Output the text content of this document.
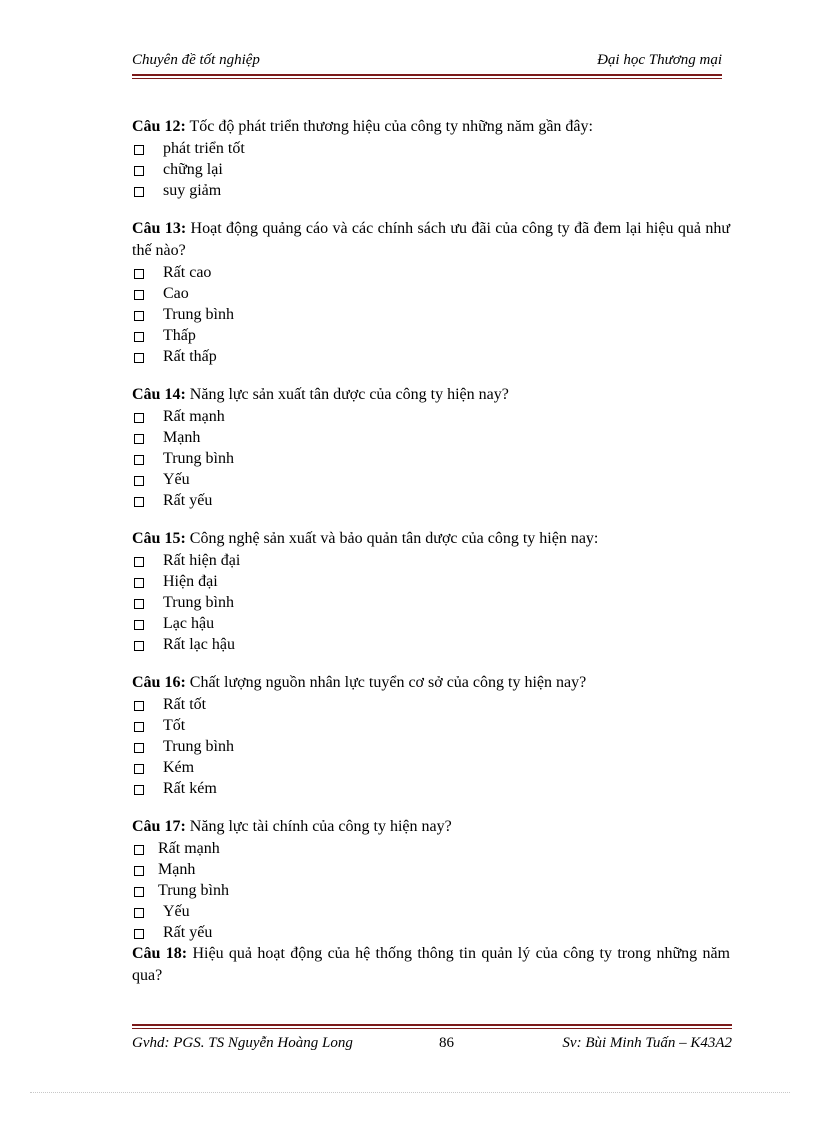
Chuyên đề tốt nghiệp	Đại học Thương mại
Câu 12: Tốc độ phát triển thương hiệu của công ty những năm gần đây:
phát triển tốt
chững lại
suy giảm
Câu 13: Hoạt động quảng cáo và các chính sách ưu đãi của công ty đã đem lại hiệu quả như thế nào?
Rất cao
Cao
Trung bình
Thấp
Rất thấp
Câu 14: Năng lực sản xuất tân dược của công ty hiện nay?
Rất mạnh
Mạnh
Trung bình
Yếu
Rất yếu
Câu 15: Công nghệ sản xuất và bảo quản tân dược của công ty hiện nay:
Rất hiện đại
Hiện đại
Trung bình
Lạc hậu
Rất lạc hậu
Câu 16: Chất lượng nguồn nhân lực tuyển cơ sở của công ty hiện nay?
Rất tốt
Tốt
Trung bình
Kém
Rất kém
Câu 17: Năng lực tài chính của công ty hiện nay?
Rất mạnh
Mạnh
Trung bình
Yếu
Rất yếu
Câu 18: Hiệu quả hoạt động của hệ thống thông tin quản lý của công ty trong những năm qua?
Gvhd: PGS. TS Nguyễn Hoàng Long	86	Sv: Bùi Minh Tuấn – K43A2
